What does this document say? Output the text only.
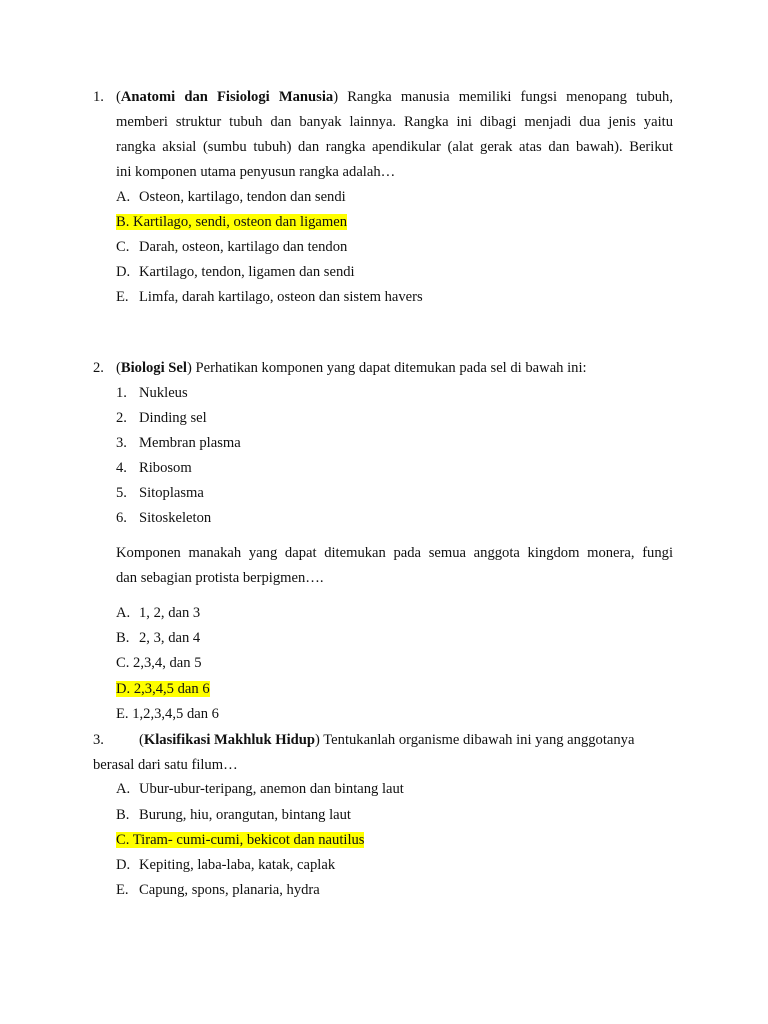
1. (Anatomi dan Fisiologi Manusia) Rangka manusia memiliki fungsi menopang tubuh,
memberi struktur tubuh dan banyak lainnya. Rangka ini dibagi menjadi dua jenis yaitu
rangka aksial (sumbu tubuh) dan rangka apendikular (alat gerak atas dan bawah). Berikut
ini komponen utama penyusun rangka adalah…
A. Osteon, kartilago, tendon dan sendi
B. Kartilago, sendi, osteon dan ligamen
C. Darah, osteon, kartilago dan tendon
D. Kartilago, tendon, ligamen dan sendi
E. Limfa, darah kartilago, osteon dan sistem havers
2. (Biologi Sel) Perhatikan komponen yang dapat ditemukan pada sel di bawah ini:
1. Nukleus
2. Dinding sel
3. Membran plasma
4. Ribosom
5. Sitoplasma
6. Sitoskeleton
Komponen manakah yang dapat ditemukan pada semua anggota kingdom monera, fungi
dan sebagian protista berpigmen….
A. 1, 2, dan 3
B. 2, 3, dan 4
C. 2,3,4, dan 5
D. 2,3,4,5 dan 6
E. 1,2,3,4,5 dan 6
3. (Klasifikasi Makhluk Hidup) Tentukanlah organisme dibawah ini yang anggotanya
berasal dari satu filum…
A. Ubur-ubur-teripang, anemon dan bintang laut
B. Burung, hiu, orangutan, bintang laut
C. Tiram- cumi-cumi, bekicot dan nautilus
D. Kepiting, laba-laba, katak, caplak
E. Capung, spons, planaria, hydra
